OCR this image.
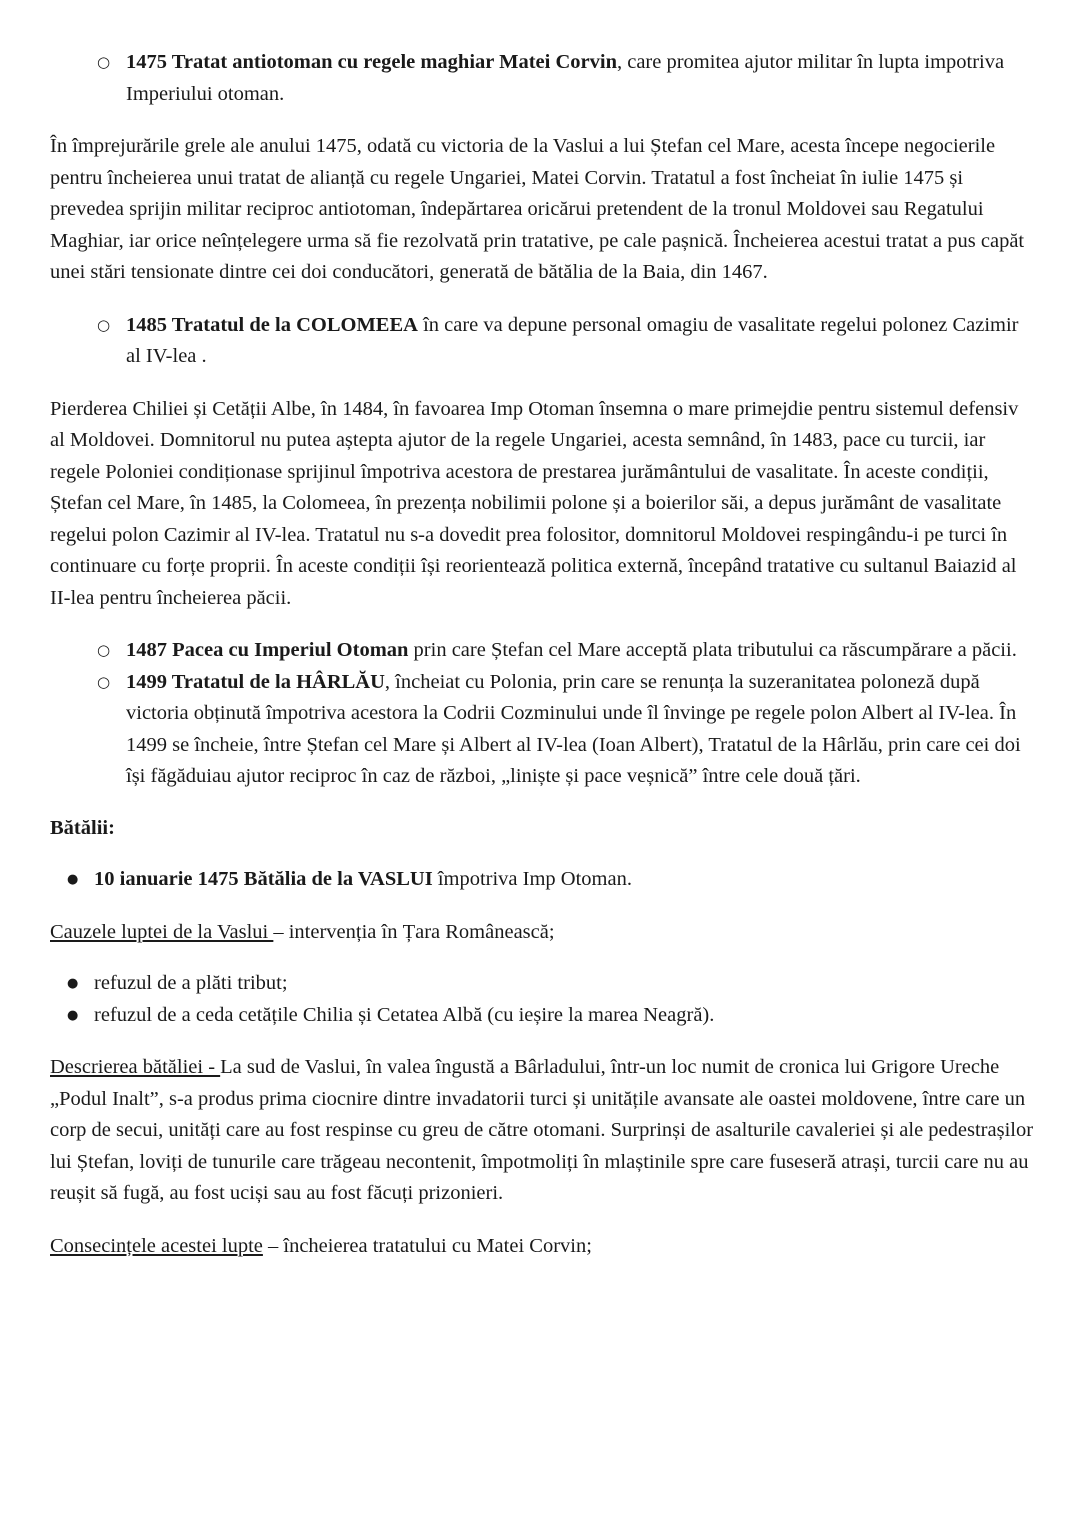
○ 1475 Tratat antiotoman cu regele maghiar Matei Corvin, care promitea ajutor militar în lupta impotriva Imperiului otoman.

În împrejurările grele ale anului 1475, odată cu victoria de la Vaslui a lui Ștefan cel Mare, acesta începe negocierile pentru încheierea unui tratat de alianță cu regele Ungariei, Matei Corvin. Tratatul a fost încheiat în iulie 1475 și prevedea sprijin militar reciproc antiotoman, îndepărtarea oricărui pretendent de la tronul Moldovei sau Regatului Maghiar, iar orice neînțelegere urma să fie rezolvată prin tratative, pe cale pașnică. Încheierea acestui tratat a pus capăt unei stări tensionate dintre cei doi conducători, generată de bătălia de la Baia, din 1467.

○ 1485 Tratatul de la COLOMEEA în care va depune personal omagiu de vasalitate regelui polonez Cazimir al IV-lea .

Pierderea Chiliei și Cetății Albe, în 1484, în favoarea Imp Otoman însemna o mare primejdie pentru sistemul defensiv al Moldovei. Domnitorul nu putea aștepta ajutor de la regele Ungariei, acesta semnând, în 1483, pace cu turcii, iar regele Poloniei condiționase sprijinul împotriva acestora de prestarea jurământului de vasalitate. În aceste condiții, Ștefan cel Mare, în 1485, la Colomeea, în prezența nobilimii polone și a boierilor săi, a depus jurământ de vasalitate regelui polon Cazimir al IV-lea. Tratatul nu s-a dovedit prea folositor, domnitorul Moldovei respingându-i pe turci în continuare cu forțe proprii. În aceste condiții își reorientează politica externă, începând tratative cu sultanul Baiazid al II-lea pentru încheierea păcii.

○ 1487 Pacea cu Imperiul Otoman prin care Ștefan cel Mare acceptă plata tributului ca răscumpărare a păcii.
○ 1499 Tratatul de la HÂRLĂU, încheiat cu Polonia, prin care se renunța la suzeranitatea poloneză după victoria obținută împotriva acestora la Codrii Cozminului unde îl învinge pe regele polon Albert al IV-lea. În 1499 se încheie, între Ștefan cel Mare și Albert al IV-lea (Ioan Albert), Tratatul de la Hârlău, prin care cei doi își făgăduiau ajutor reciproc în caz de război, „liniște și pace veșnică” între cele două țări.

Bătălii:

● 10 ianuarie 1475 Bătălia de la VASLUI împotriva Imp Otoman.

Cauzele luptei de la Vaslui – intervenția în Țara Românească;

● refuzul de a plăti tribut;
● refuzul de a ceda cetățile Chilia și Cetatea Albă (cu ieșire la marea Neagră).

Descrierea bătăliei - La sud de Vaslui, în valea îngustă a Bârladului, într-un loc numit de cronica lui Grigore Ureche „Podul Inalt”, s-a produs prima ciocnire dintre invadatorii turci și unitățile avansate ale oastei moldovene, între care un corp de secui, unități care au fost respinse cu greu de către otomani. Surprinși de asalturile cavaleriei și ale pedestrașilor lui Ștefan, loviți de tunurile care trăgeau necontenit, împotmoliți în mlaștinile spre care fuseseră atrași, turcii care nu au reușit să fugă, au fost uciși sau au fost făcuți prizonieri.

Consecințele acestei lupte – încheierea tratatului cu Matei Corvin;
